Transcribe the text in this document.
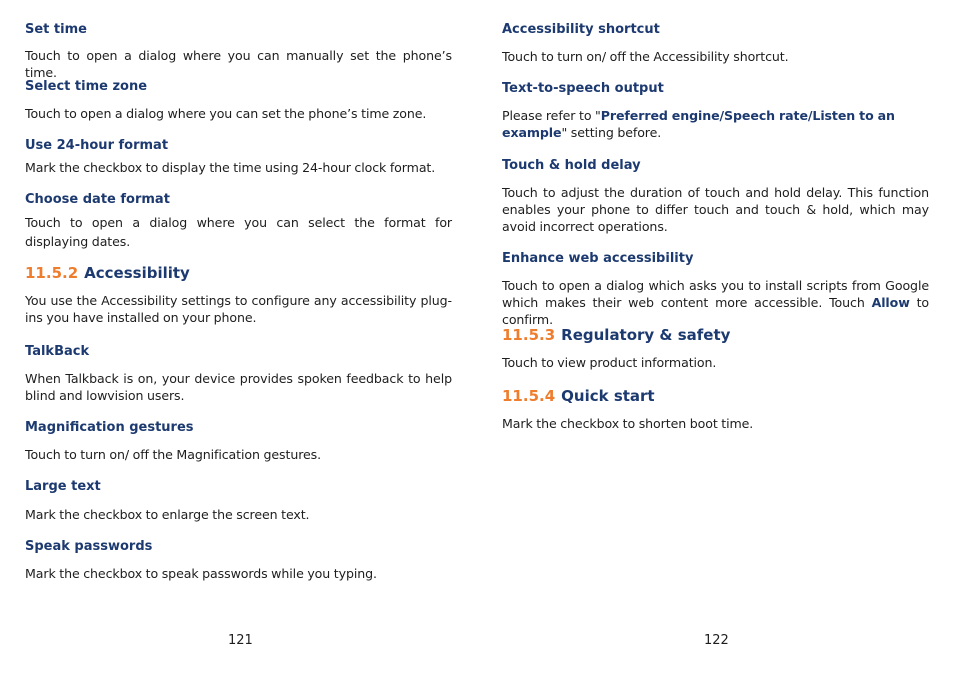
Set time

Touch to open a dialog where you can manually set the phone’s time.

Select time zone

Touch to open a dialog where you can set the phone’s time zone.

Use 24-hour format

Mark the checkbox to display the time using 24-hour clock format.

Choose date format

Touch to open a dialog where you can select the format for displaying dates.

11.5.2 Accessibility

You use the Accessibility settings to configure any accessibility plug-ins you have installed on your phone.

TalkBack

When Talkback is on, your device provides spoken feedback to help blind and lowvision users.

Magnification gestures

Touch to turn on/ off the Magnification gestures.

Large text

Mark the checkbox to enlarge the screen text.

Speak passwords

Mark the checkbox to speak passwords while you typing.

121
Accessibility shortcut

Touch to turn on/ off the Accessibility shortcut.

Text-to-speech output

Please refer to "Preferred engine/Speech rate/Listen to an example" setting before.

Touch & hold delay

Touch to adjust the duration of touch and hold delay. This function enables your phone to differ touch and touch & hold, which may avoid incorrect operations.

Enhance web accessibility

Touch to open a dialog which asks you to install scripts from Google which makes their web content more accessible. Touch Allow to confirm.

11.5.3 Regulatory & safety

Touch to view product information.

11.5.4 Quick start

Mark the checkbox to shorten boot time.

122
